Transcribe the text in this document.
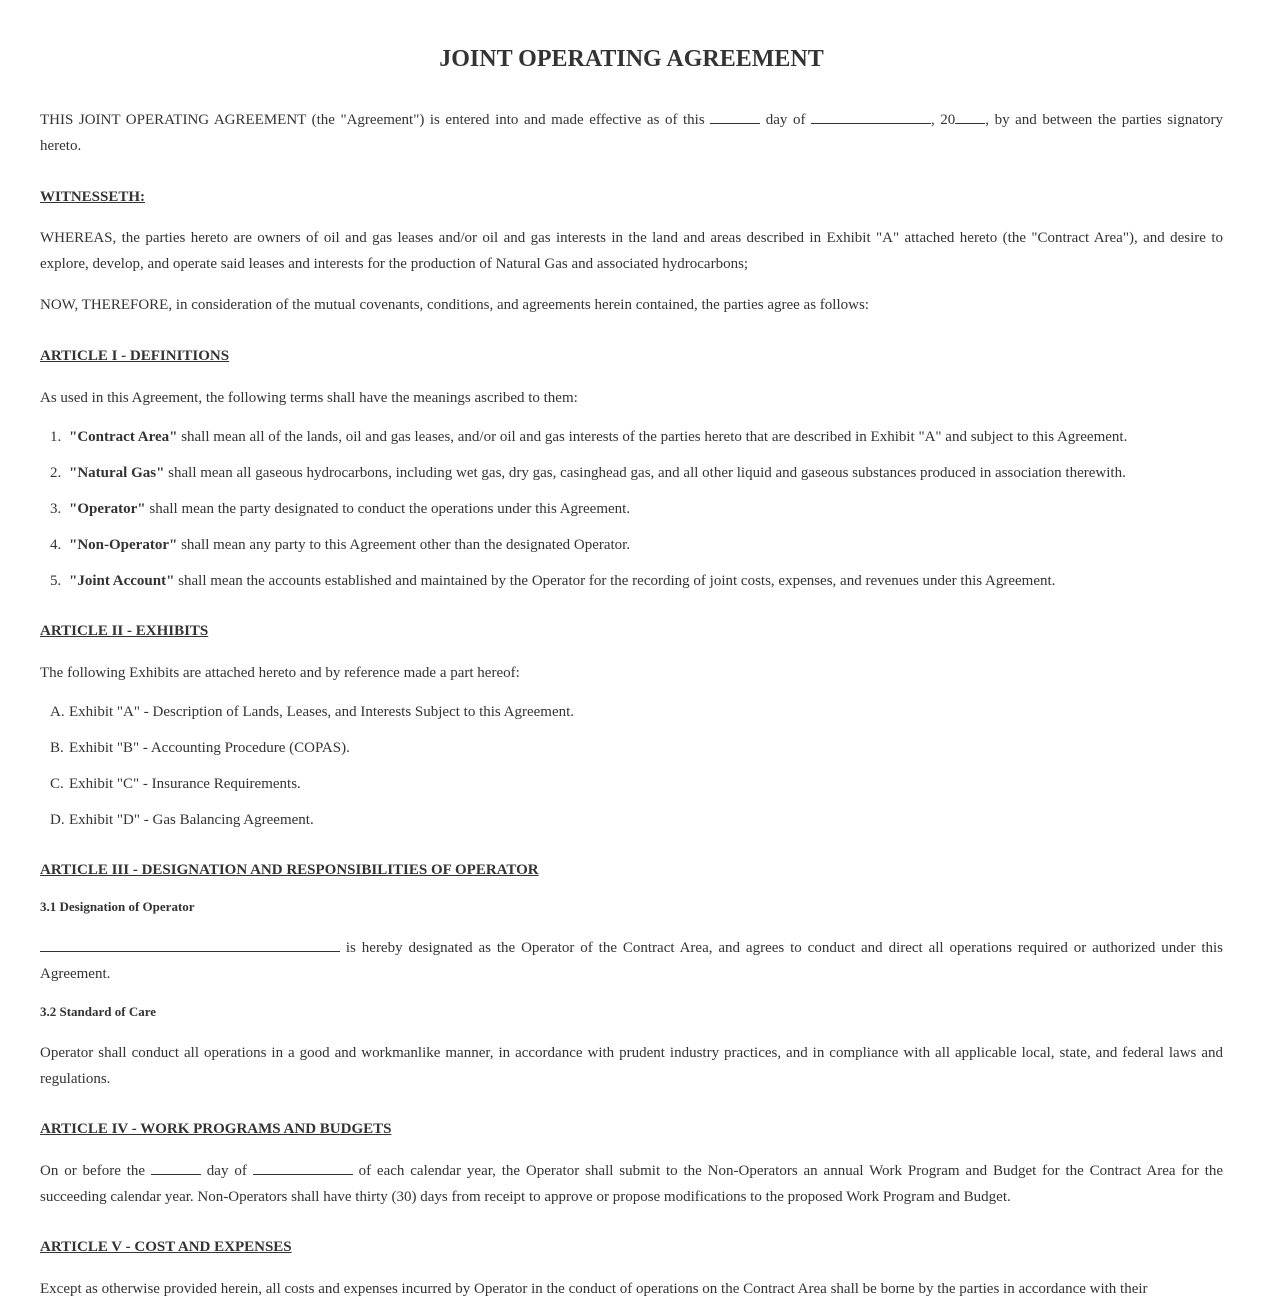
JOINT OPERATING AGREEMENT

THIS JOINT OPERATING AGREEMENT (the "Agreement") is entered into and made effective as of this	day of	, 20 , by and between the parties signatory hereto.

WITNESSETH:

WHEREAS, the parties hereto are owners of oil and gas leases and/or oil and gas interests in the land and areas described in Exhibit "A" attached hereto (the "Contract Area"), and desire to explore, develop, and operate said leases and interests for the production of Natural Gas and associated hydrocarbons;

NOW, THEREFORE, in consideration of the mutual covenants, conditions, and agreements herein contained, the parties agree as follows:

ARTICLE I - DEFINITIONS

As used in this Agreement, the following terms shall have the meanings ascribed to them:

1. "Contract Area" shall mean all of the lands, oil and gas leases, and/or oil and gas interests of the parties hereto that are described in Exhibit "A" and subject to this Agreement.
2. "Natural Gas" shall mean all gaseous hydrocarbons, including wet gas, dry gas, casinghead gas, and all other liquid and gaseous substances produced in association therewith.
3. "Operator" shall mean the party designated to conduct the operations under this Agreement.
4. "Non-Operator" shall mean any party to this Agreement other than the designated Operator.
5. "Joint Account" shall mean the accounts established and maintained by the Operator for the recording of joint costs, expenses, and revenues under this Agreement.
ARTICLE II - EXHIBITS

The following Exhibits are attached hereto and by reference made a part hereof:

A. Exhibit "A" - Description of Lands, Leases, and Interests Subject to this Agreement.
B. Exhibit "B" - Accounting Procedure (COPAS).
C. Exhibit "C" - Insurance Requirements.
D. Exhibit "D" - Gas Balancing Agreement.
ARTICLE III - DESIGNATION AND RESPONSIBILITIES OF OPERATOR
3.1 Designation of Operator

is hereby designated as the Operator of the Contract Area, and agrees to conduct and direct all operations required or authorized under this Agreement.

3.2 Standard of Care

Operator shall conduct all operations in a good and workmanlike manner, in accordance with prudent industry practices, and in compliance with all applicable local, state, and federal laws and regulations.

ARTICLE IV - WORK PROGRAMS AND BUDGETS

On or before the	day of	of each calendar year, the Operator shall submit to the Non-Operators an annual Work Program and Budget for the Contract Area for the succeeding calendar year. Non-Operators shall have thirty (30) days from receipt to approve or propose modifications to the proposed Work Program and Budget.

ARTICLE V - COST AND EXPENSES

Except as otherwise provided herein, all costs and expenses incurred by Operator in the conduct of operations on the Contract Area shall be borne by the parties in accordance with their
